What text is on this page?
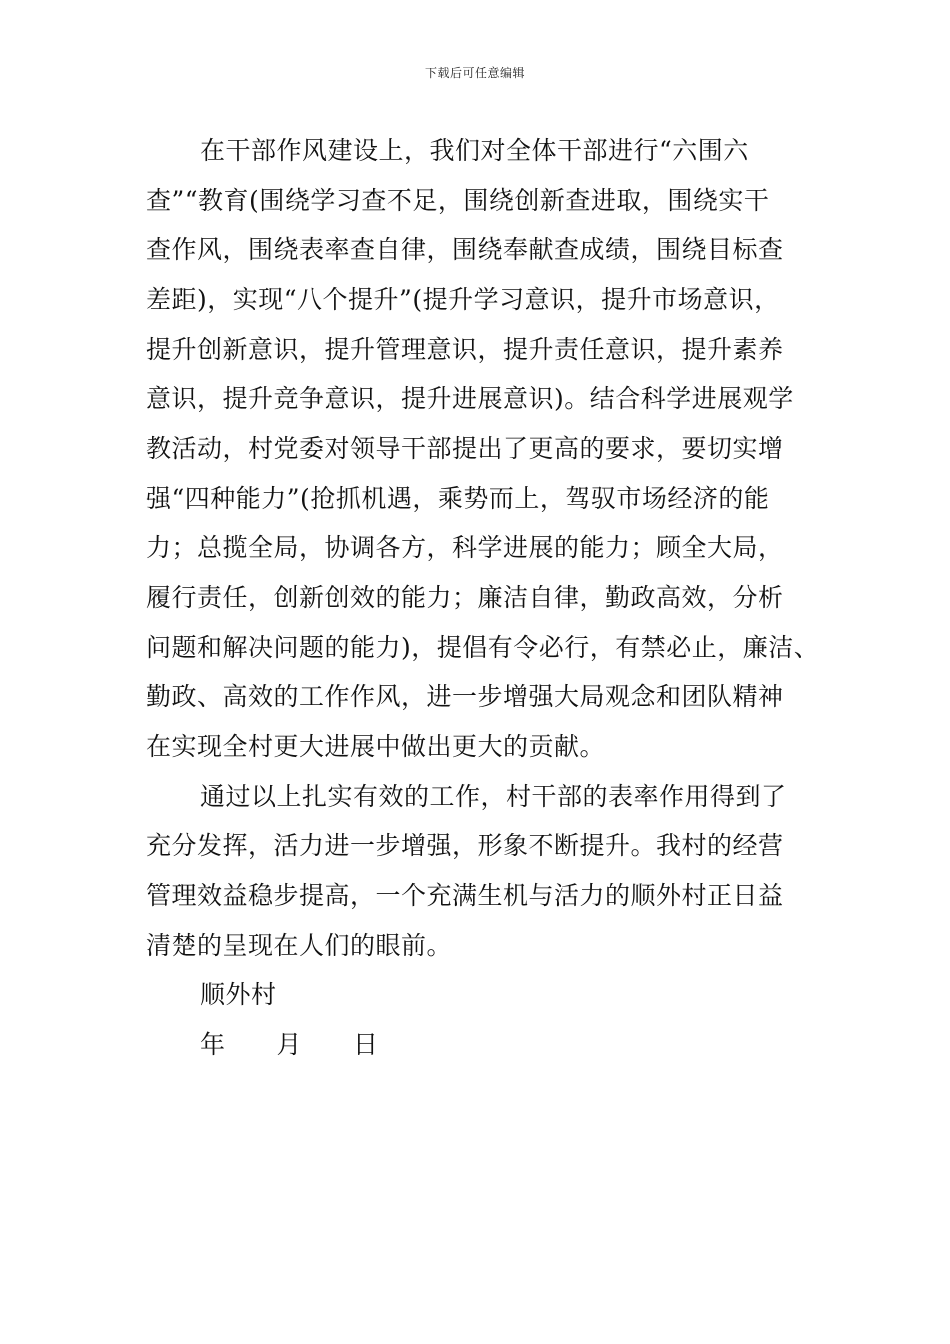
下载后可任意编辑
在干部作风建设上，我们对全体干部进行“六围六
查”“教育(围绕学习查不足，围绕创新查进取，围绕实干
查作风，围绕表率查自律，围绕奉献查成绩，围绕目标查
差距)，实现“八个提升”(提升学习意识，提升市场意识，
提升创新意识，提升管理意识，提升责任意识，提升素养
意识，提升竞争意识，提升进展意识)。结合科学进展观学
教活动，村党委对领导干部提出了更高的要求，要切实增
强“四种能力”(抢抓机遇，乘势而上，驾驭市场经济的能
力；总揽全局，协调各方，科学进展的能力；顾全大局，
履行责任，创新创效的能力；廉洁自律，勤政高效，分析
问题和解决问题的能力)，提倡有令必行，有禁必止，廉洁、
勤政、高效的工作作风，进一步增强大局观念和团队精神
在实现全村更大进展中做出更大的贡献。
通过以上扎实有效的工作，村干部的表率作用得到了
充分发挥，活力进一步增强，形象不断提升。我村的经营
管理效益稳步提高，一个充满生机与活力的顺外村正日益
清楚的呈现在人们的眼前。
顺外村
年　　月　　日
